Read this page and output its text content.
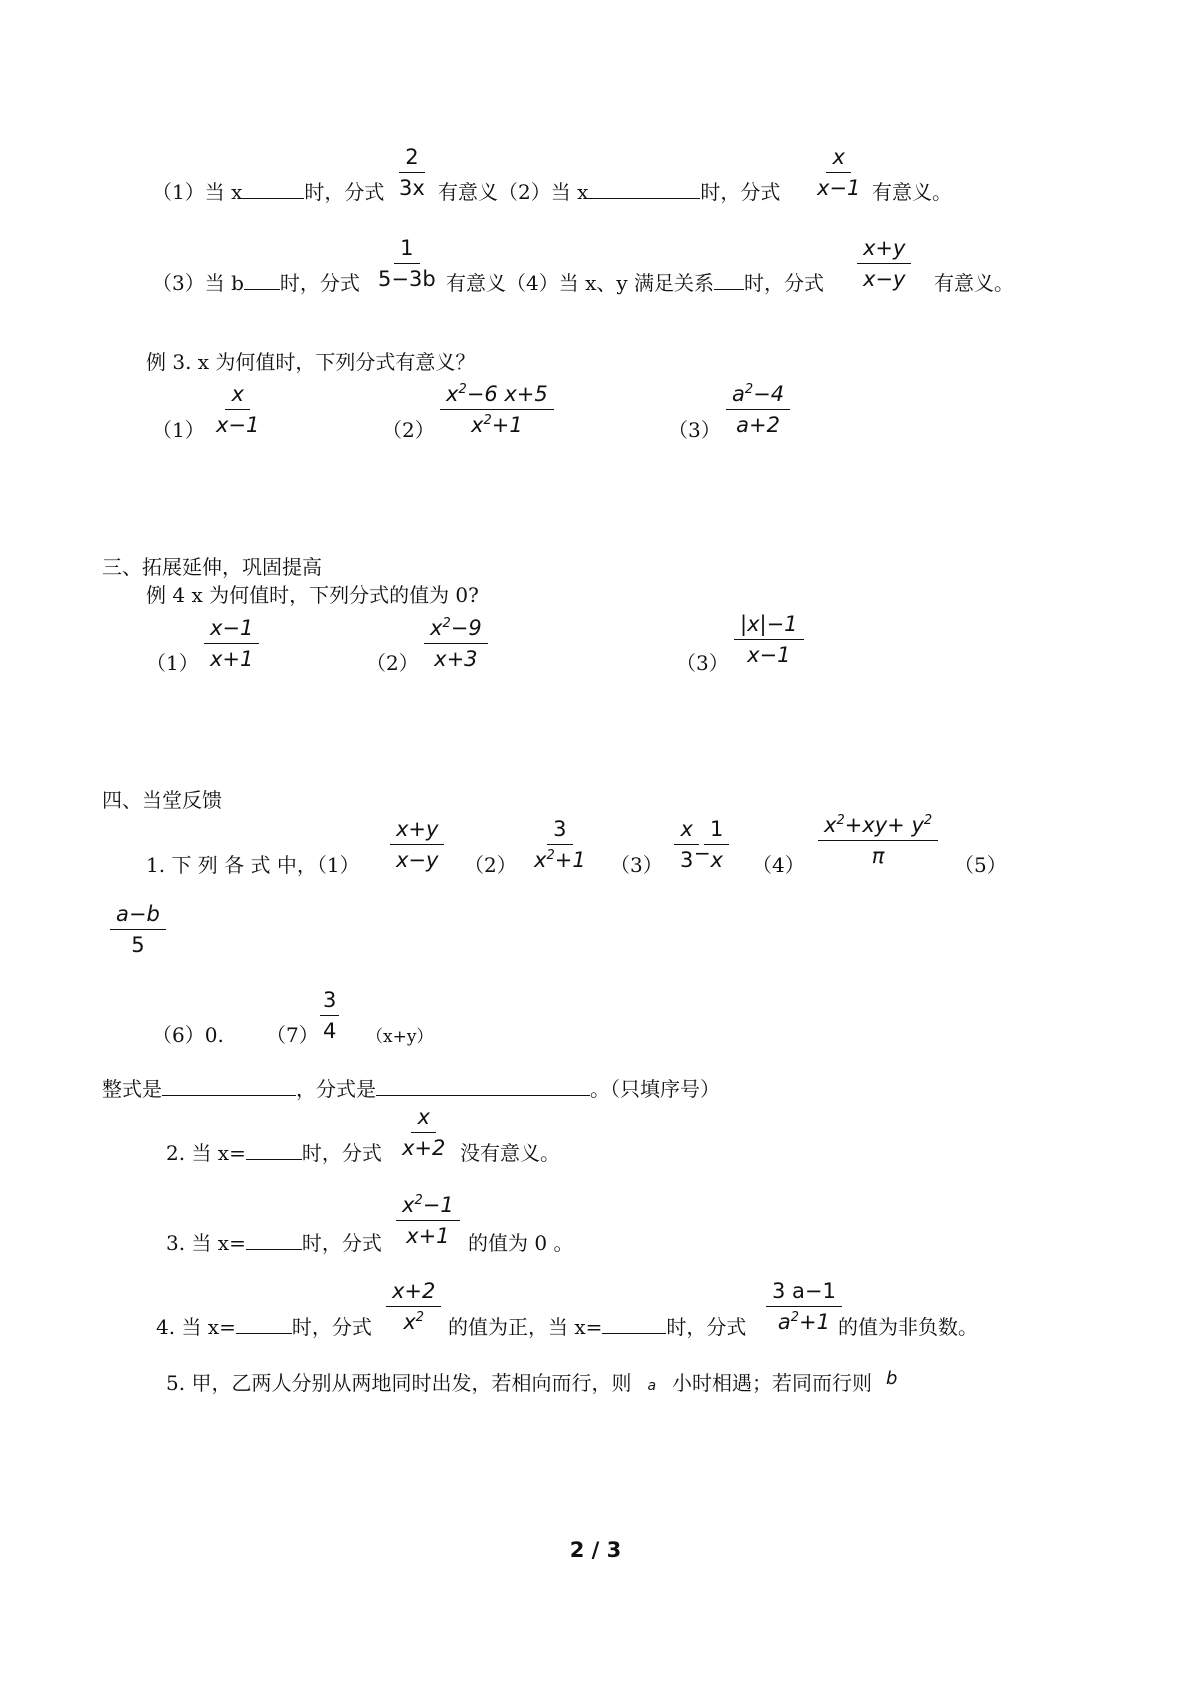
（1）当 x	时，分式 $\frac{2}{3x}$ 有意义（2）当 x	时，分式 $\frac{x}{x-1}$ 有意义。
（3）当 b 时，分式 $\frac{1}{5-3b}$ 有意义（4）当 x、y 满足关系 时，分式 $\frac{x+y}{x-y}$ 有意义。
例 3. x 为何值时，下列分式有意义？
$(1) \frac{x}{x-1}$	$(2) \frac{x^2-6 x+5}{x^2+1}$	$(3) \frac{a^2-4}{a+2}$
三、拓展延伸，巩固提高
例 4 x 为何值时，下列分式的值为 0?
$(1) \frac{x-1}{x+1}$	$(2) \frac{x^2-9}{x+3}$	$(3) \frac{|x|-1}{x-1}$
四、当堂反馈
1. 下 列 各 式 中，$(1) \frac{x+y}{x-y} (2) \frac{3}{x^2+1} (3) \frac{x}{3}$
−
$\frac{1}{x} (4) \frac{x^2+xy+ y^2}{\pi} (5)$
$\frac{a-b}{5}$
（6）0. $(7) \frac{3}{4} (x+y)$
整式是	，分式是	。（只填序号）
2. 当 x=	时，分式 $\frac{x}{x+2}$ 没有意义。
3. 当 x=	时，分式 $\frac{x^2-1}{x+1}$ 的值为 0 。
4. 当 x=	时，分式 $\frac{x+2}{x^2}$ 的值为正，当 x=	时，分式 $\frac{3 a-1}{a^2+1}$
的值为非负数。
5. 甲，乙两人分别从两地同时出发，若相向而行，则 a 小时相遇；若同而行则 b
2 / 3
